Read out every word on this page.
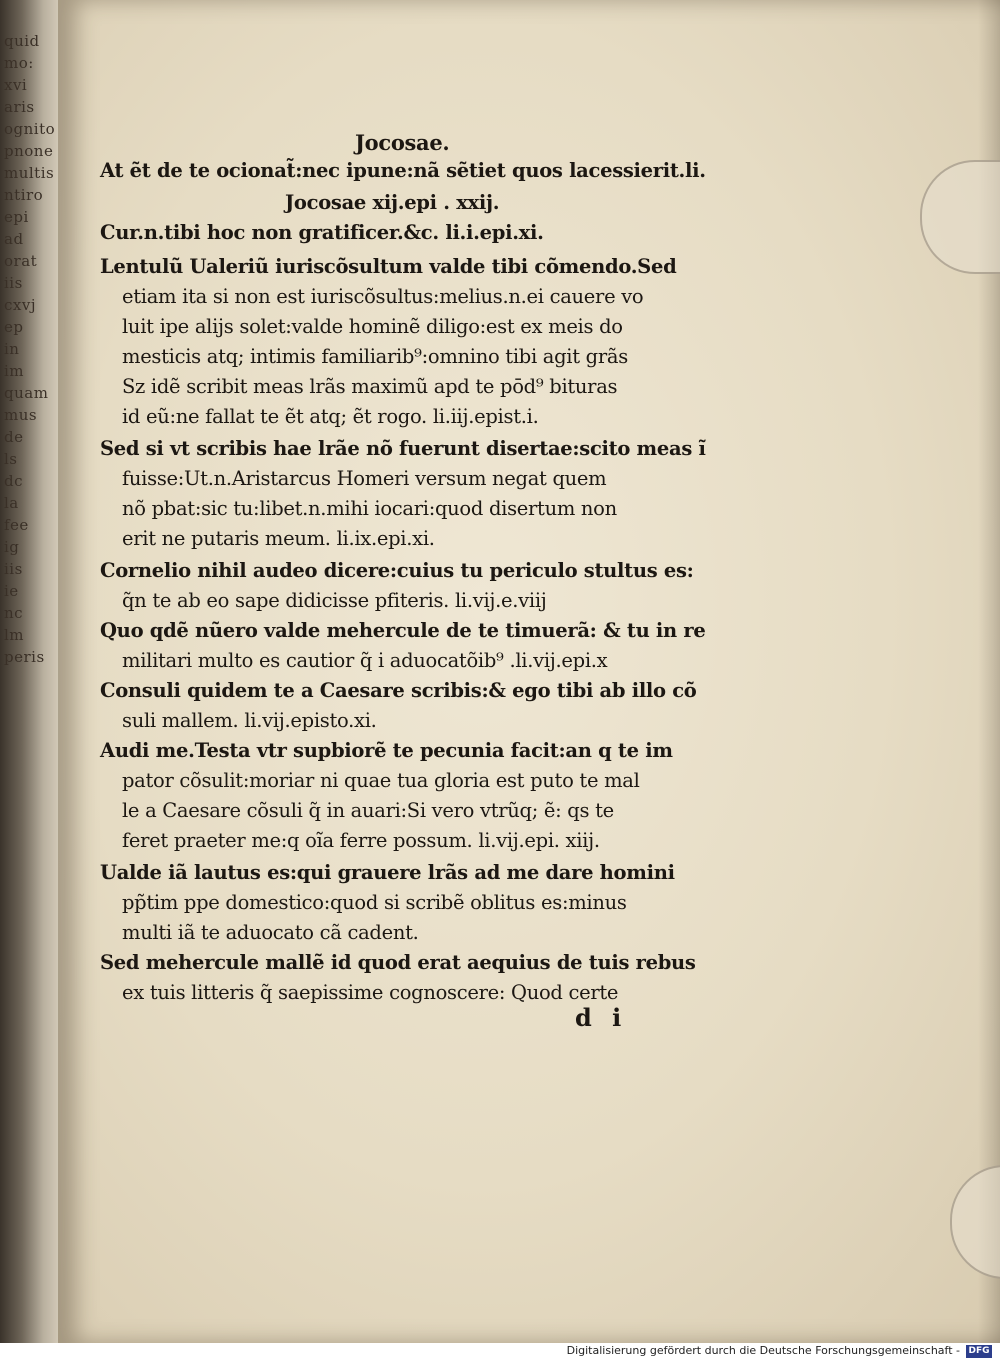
quid
mo:
xvi
aris
ognito
pnone
multis
ntiro
epi
ad
orat
iis
cxvj
ep
in
im
quam
mus
de
ls
dc
la
fee
ig
iis
ie
nc
lm
peris
Jocosae.
At ẽt de te ocionat̃:nec ipune:nã sẽtiet quos lacessierit.li.
Jocosae xij.epi . xxij.
Cur.n.tibi hoc non gratificer.&c. li.i.epi.xi.
Lentulũ Ualeriũ iuriscõsultum valde tibi cõmendo.Sed
etiam ita si non est iuriscõsultus:melius.n.ei cauere vo
luit ipe alijs solet:valde hominẽ diligo:est ex meis do
mesticis atq; intimis familiarib⁹:omnino tibi agit grãs
Sz idẽ scribit meas lrãs maximũ apd te pōd⁹ bituras
id eũ:ne fallat te ẽt atq; ẽt rogo. li.iij.epist.i.
Sed si vt scribis hae lrãe nõ fuerunt disertae:scito meas ĩ
fuisse:Ut.n.Aristarcus Homeri versum negat quem
nõ pbat:sic tu:libet.n.mihi iocari:quod disertum non
erit ne putaris meum. li.ix.epi.xi.
Cornelio nihil audeo dicere:cuius tu periculo stultus es:
q̃n te ab eo sape didicisse pfiteris. li.vij.e.viij
Quo qdẽ nũero valde mehercule de te timuerã: & tu in re
militari multo es cautior q̃ i aduocatõib⁹ .li.vij.epi.x
Consuli quidem te a Caesare scribis:& ego tibi ab illo cõ
suli mallem. li.vij.episto.xi.
Audi me.Testa vtr supbiorẽ te pecunia facit:an q te im
pator cõsulit:moriar ni quae tua gloria est puto te mal
le a Caesare cõsuli q̃ in auari:Si vero vtrũq; ẽ: qs te
feret praeter me:q oĩa ferre possum. li.vij.epi. xiij.
Ualde iã lautus es:qui grauere lrãs ad me dare homini
pp̃tim ppe domestico:quod si scribẽ oblitus es:minus
multi iã te aduocato cã cadent.
Sed mehercule mallẽ id quod erat aequius de tuis rebus
ex tuis litteris q̃ saepissime cognoscere: Quod certe
d i
Digitalisierung gefördert durch die Deutsche Forschungsgemeinschaft - DFG
